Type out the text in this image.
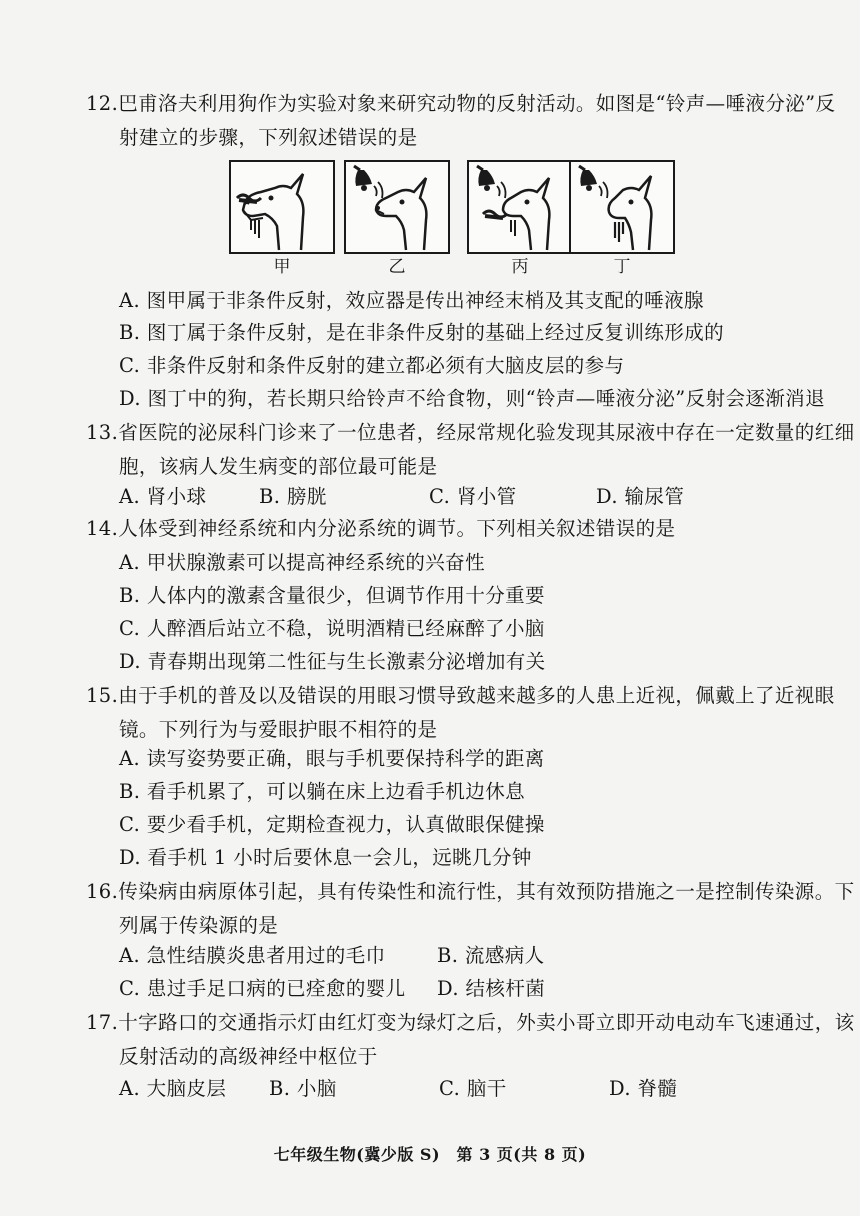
12.巴甫洛夫利用狗作为实验对象来研究动物的反射活动。如图是“铃声—唾液分泌”反
射建立的步骤，下列叙述错误的是
甲	乙	丙	丁
A. 图甲属于非条件反射，效应器是传出神经末梢及其支配的唾液腺
B. 图丁属于条件反射，是在非条件反射的基础上经过反复训练形成的
C. 非条件反射和条件反射的建立都必须有大脑皮层的参与
D. 图丁中的狗，若长期只给铃声不给食物，则“铃声—唾液分泌”反射会逐渐消退
13.省医院的泌尿科门诊来了一位患者，经尿常规化验发现其尿液中存在一定数量的红细
胞，该病人发生病变的部位最可能是
A. 肾小球	B. 膀胱	C. 肾小管	D. 输尿管
14.人体受到神经系统和内分泌系统的调节。下列相关叙述错误的是
A. 甲状腺激素可以提高神经系统的兴奋性
B. 人体内的激素含量很少，但调节作用十分重要
C. 人醉酒后站立不稳，说明酒精已经麻醉了小脑
D. 青春期出现第二性征与生长激素分泌增加有关
15.由于手机的普及以及错误的用眼习惯导致越来越多的人患上近视，佩戴上了近视眼
镜。下列行为与爱眼护眼不相符的是
A. 读写姿势要正确，眼与手机要保持科学的距离
B. 看手机累了，可以躺在床上边看手机边休息
C. 要少看手机，定期检查视力，认真做眼保健操
D. 看手机 1 小时后要休息一会儿，远眺几分钟
16.传染病由病原体引起，具有传染性和流行性，其有效预防措施之一是控制传染源。下
列属于传染源的是
A. 急性结膜炎患者用过的毛巾	B. 流感病人
C. 患过手足口病的已痊愈的婴儿 D. 结核杆菌
17.十字路口的交通指示灯由红灯变为绿灯之后，外卖小哥立即开动电动车飞速通过，该
反射活动的高级神经中枢位于
A. 大脑皮层 B. 小脑	C. 脑干	D. 脊髓
七年级生物(冀少版 S)　第 3 页(共 8 页)
